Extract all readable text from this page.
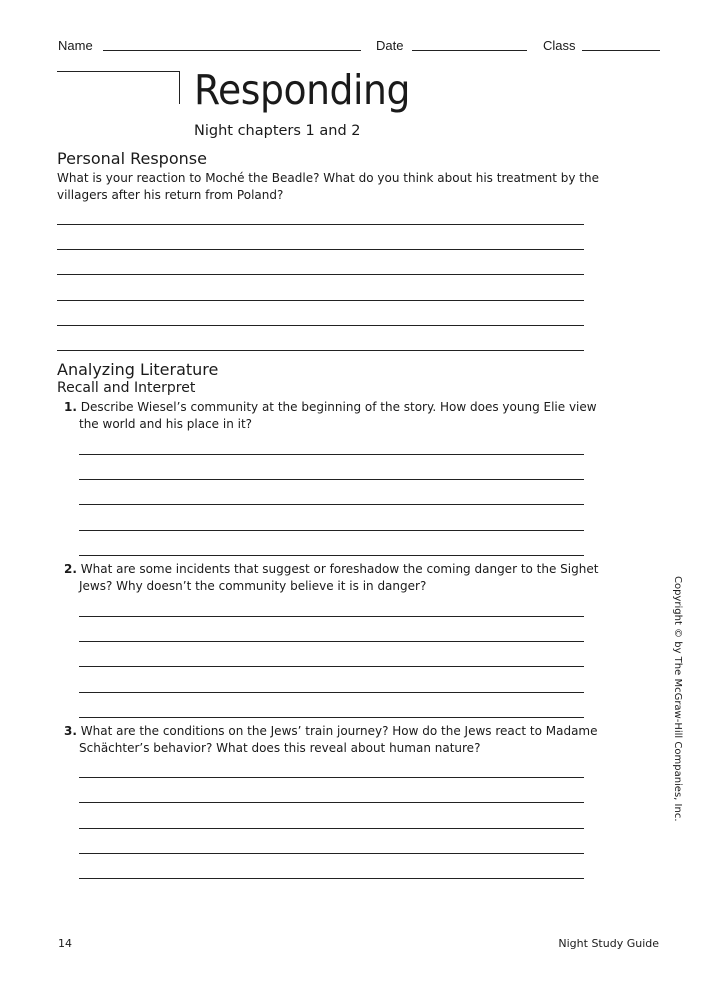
Name	Date	Class
Responding
Night chapters 1 and 2
Personal Response
What is your reaction to Moché the Beadle? What do you think about his treatment by the
villagers after his return from Poland?
Analyzing Literature
Recall and Interpret
1. Describe Wiesel’s community at the beginning of the story. How does young Elie view
the world and his place in it?
2. What are some incidents that suggest or foreshadow the coming danger to the Sighet
Jews? Why doesn’t the community believe it is in danger?
3. What are the conditions on the Jews’ train journey? How do the Jews react to Madame
Schächter’s behavior? What does this reveal about human nature?	Copyright © by The McGraw-Hill Companies, Inc.
14	Night Study Guide
